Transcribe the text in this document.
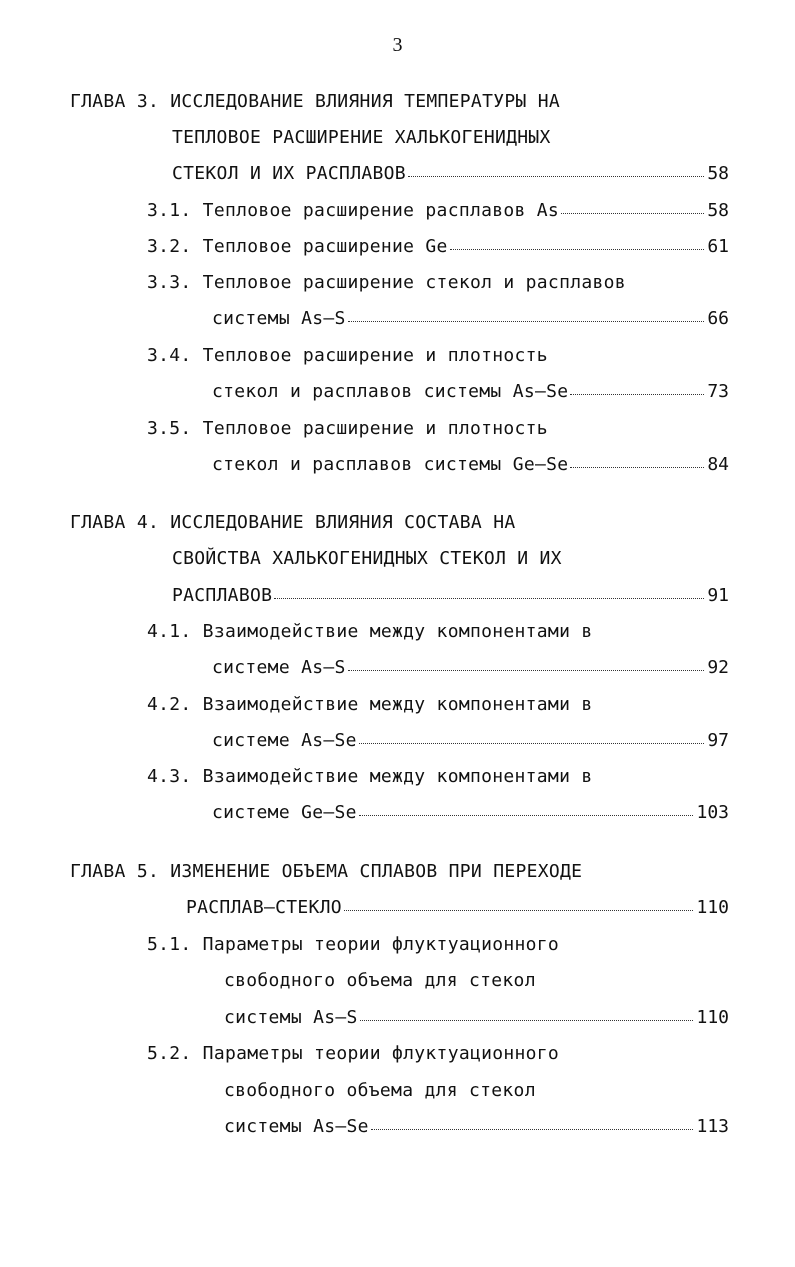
3
ГЛАВА 3. ИССЛЕДОВАНИЕ ВЛИЯНИЯ ТЕМПЕРАТУРЫ НА
ТЕПЛОВОЕ РАСШИРЕНИЕ ХАЛЬКОГЕНИДНЫХ
СТЕКОЛ И ИХ РАСПЛАВОВ	58
3.1. Тепловое расширение расплавов As	58
3.2. Тепловое расширение Ge	61
3.3. Тепловое расширение стекол и расплавов
системы As–S	66
3.4. Тепловое расширение и плотность
стекол и расплавов системы As—Se	73
3.5. Тепловое расширение и плотность
стекол и расплавов системы Ge–Se	84
ГЛАВА 4. ИССЛЕДОВАНИЕ ВЛИЯНИЯ СОСТАВА НА
СВОЙСТВА ХАЛЬКОГЕНИДНЫХ СТЕКОЛ И ИХ
РАСПЛАВОВ	91
4.1. Взаимодействие между компонентами в
системе As–S	92
4.2. Взаимодействие между компонентами в
системе As–Se	97
4.3. Взаимодействие между компонентами в
системе Ge—Se	103
ГЛАВА 5. ИЗМЕНЕНИЕ ОБЪЕМА СПЛАВОВ ПРИ ПЕРЕХОДЕ
РАСПЛАВ—СТЕКЛО	110
5.1. Параметры теории флуктуационного
свободного объема для стекол
системы As—S	110
5.2. Параметры теории флуктуационного
свободного объема для стекол
системы As—Se	113
